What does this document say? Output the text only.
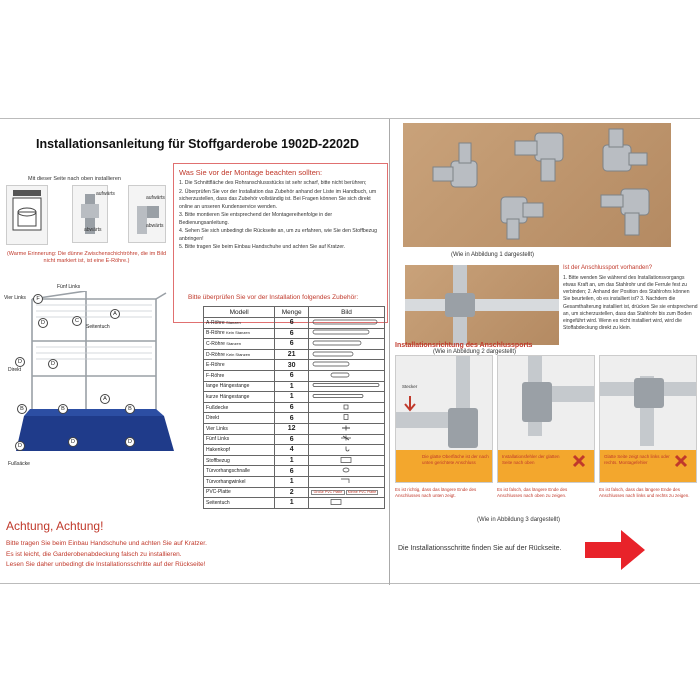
Installationsanleitung für Stoffgarderobe 1902D-2202D
Mit dieser Seite nach oben installieren
aufwärts
abwärts
aufwärts
abwärts
(Warme Erinnerung: Die dünne Zwischenschichtröhre, die im Bild nicht markiert ist, ist eine E-Röhre.)
Was Sie vor der Montage beachten sollten:

1. Die Schnittfläche des Rohranschlussstücks ist sehr scharf, bitte nicht berühren;

2. Überprüfen Sie vor der Installation das Zubehör anhand der Liste im Handbuch, um sicherzustellen, dass das Zubehör vollständig ist. Bei Fragen können Sie sich direkt online an unseren Kundenservice wenden.

3. Bitte montieren Sie entsprechend der Montagereihenfolge in der Bedienungsanleitung.

4. Sehen Sie sich unbedingt die Rückseite an, um zu erfahren, wie Sie den Stoffbezug anbringen!

5. Bitte tragen Sie beim Einbau Handschuhe und achten Sie auf Kratzer.

Bitte überprüfen Sie vor der Installation folgendes Zubehör:
Vier Links
Fünf Links
Seitentuch
Direkt
Fußsäcke
F
A
C
D
B	B	B
A
D	D
D
D	D
Modell	Menge	Bild
A-Röhre Stanzen	6	
B-Röhre Kein Stanzen	6	
C-Röhre Stanzen	6	
D-Röhre Kein Stanzen	21	
E-Röhre	30	
F-Röhre	6	
lange Hängestange	1	
kurze Hängestange	1	
Fußdecke	6	
Direkt	6	
Vier Links	12	
Fünf Links	6	
Hakenkopf	4	
Stoffbezug	1	
Türvorhangschnalle	6	
Türvorhangwinkel	1	
PVC-Platte	2	Große PVC Platte Kleine PVC Platte
Seitentuch	1	
Achtung, Achtung!
Bitte tragen Sie beim Einbau Handschuhe und achten Sie auf Kratzer.
Es ist leicht, die Garderobenabdeckung falsch zu installieren.
Lesen Sie daher unbedingt die Installationsschritte auf der Rückseite!
(Wie in Abbildung 1 dargestellt)
(Wie in Abbildung 2 dargestellt)
Ist der Anschlussport vorhanden?
1. Bitte wenden Sie während des Installationsvorgangs etwas Kraft an, um das Stahlrohr und die Ferrule fest zu verbinden; 2. Anhand der Position des Stahlrohrs können Sie beurteilen, ob es installiert ist? 3. Nachdem die Gesamthalterung installiert ist, drücken Sie sie entsprechend an, um sicherzustellen, dass das Stahlrohr bis zum Boden eingeführt wird. Wenn es nicht installiert wird, wird die Stoffabdeckung direkt zu klein.
Installationsrichtung des Anschlussports
Stecker
Die glatte Oberfläche ist der nach unten gerichtete Anschluss
Installationsfehler der glatten Seite nach oben
Glatte Seite zeigt nach links oder rechts. Montagefehler
Es ist richtig, dass das längere Ende des Anschlusses nach unten zeigt.
Es ist falsch, das längere Ende des Anschlusses nach oben zu zeigen.
Es ist falsch, dass das längere Ende des Anschlusses nach links und rechts zu zeigen.
(Wie in Abbildung 3 dargestellt)
Die Installationsschritte finden Sie auf der Rückseite.
